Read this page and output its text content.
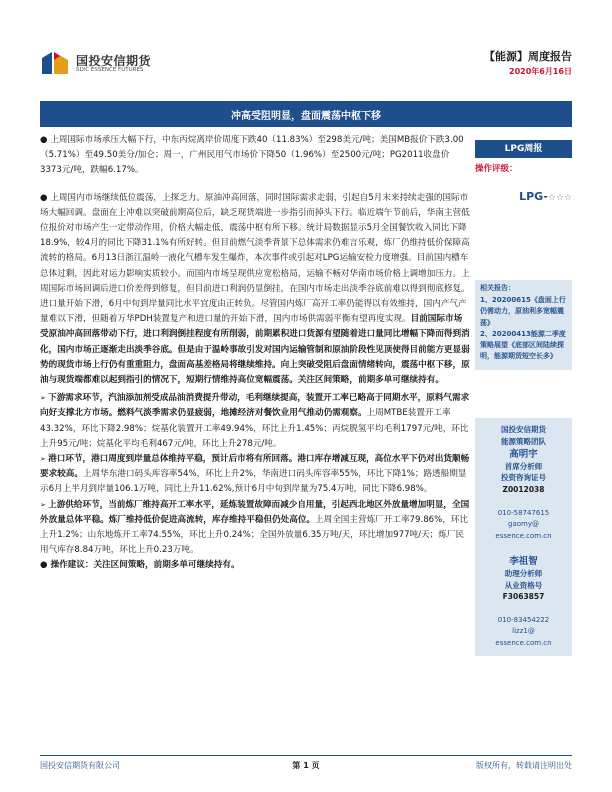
国投安信期货
SDIC ESSENCE FUTURES
【能源】周度报告
2020年6月16日
冲高受阻明显，盘面震荡中枢下移

● 上周国际市场承压大幅下行，中东丙烷离岸价周度下跌40（11.83%）至298美元/吨；美国MB报价下跌3.00（5.71%）至49.50美分/加仑；周一，广州民用气市场价下降50（1.96%）至2500元/吨；PG2011收盘价3373元/吨，跌幅6.17%。

● 上周国内市场继续低位震荡，上探乏力。原油冲高回落，同时国际需求走弱，引起自5月末来持续走强的国际市场大幅回调。盘面在上冲难以突破前期高位后，缺乏现货端进一步指引而掉头下行。临近端午节前后，华南主营低位报价对市场产生一定带动作用，价格大幅走低，震荡中枢有所下移。统计局数据显示5月全国餐饮收入同比下降18.9%，较4月的同比下降31.1%有所好转。但目前燃气淡季背景下总体需求仍难言乐观，炼厂仍维持低价保障高流转的格局。6月13日浙江温岭一液化气槽车发生爆炸，本次事件或引起对LPG运输安检力度增强。目前国内槽车总体过剩，因此对运力影响实质较小。而国内市场呈现供应宽松格局，运输不畅对华南市场价格上调增加压力。上周国际市场回调后进口价差得到修复，但目前进口利润仍显倒挂，在国内市场走出淡季谷底前难以得到彻底修复。进口量开始下滑，6月中旬到岸量同比水平宜度由正转负。尽管国内炼厂高开工率仍能得以有效维持，国内产气产量难以下滑，但随着万华PDH装置复产和进口量的开始下滑，国内市场供需弱平衡有望再度实现。目前国际市场受原油冲高回落带动下行，进口利润倒挂程度有所削弱，前期累积进口货源有望随着进口量同比增幅下降而得到消化，国内市场正逐渐走出淡季谷底。但是由于温岭事故引发对国内运输管制和原油阶段性见顶使得目前能方更显弱势的现货市场上行仍有重重阻力，盘面高基差格局将继续维持。向上突破受阻后盘面情绪转向，震荡中枢下移，原油与现货端都难以起到指引的情况下，短期行情维持高位宽幅震荡。关注区间策略，前期多单可继续持有。

➢ 下游需求环节，汽油添加剂受成品油消费提升带动，毛利继续提高，装置开工率已略高于同期水平，原料气需求向好支撑北方市场。燃料气淡季需求仍显疲弱，地摊经济对餐饮业用气推动仍需观察。上周MTBE装置开工率43.32%，环比下降2.98%；烷基化装置开工率49.94%，环比上升1.45%；丙烷脱氢平均毛利1797元/吨，环比上升95元/吨；烷基化平均毛利467元/吨，环比上升278元/吨。

➢ 港口环节，港口周度到岸量总体维持平稳，预计后市将有所回落。港口库存增减互现，高位水平下仍对出货顺畅要求较高。上周华东港口码头库容率54%，环比上升2%，华南进口码头库容率55%，环比下降1%；路透船期显示6月上半月到岸量106.1万吨，同比上升11.62%,预计6月中旬到岸量为75.4万吨，同比下降6.98%。

➢ 上游供给环节，当前炼厂维持高开工率水平，延炼装置故障而减少自用量，引起西北地区外放量增加明显，全国外放量总体平稳。炼厂维持低价促进高流转，库存维持平稳但仍处高位。上周全国主营炼厂开工率79.86%，环比上升1.2%；山东地炼开工率74.55%，环比上升0.24%；全国外放量6.35万吨/天，环比增加977吨/天；炼厂民用气库存8.84万吨，环比上升0.23万吨。

● 操作建议：关注区间策略，前期多单可继续持有。

LPG周报
操作评级：
LPG-☆☆☆

相关报告：

1、20200615《盘面上行仍需动力，原油利多宽幅震荡》

2、20200413能源二季度策略展望《底部区间陆续探明，能源期货短空长多》

国投安信期货
能源策略团队
高明宇
首席分析师
投资咨询证号
Z0012038
010-58747615
gaomy@
essence.com.cn
李祖智
助理分析师
从业资格号
F3063857
010-83454222
lizz1@
essence.com.cn
国投安信期货有限公司	第 1 页	版权所有，转载请注明出处
